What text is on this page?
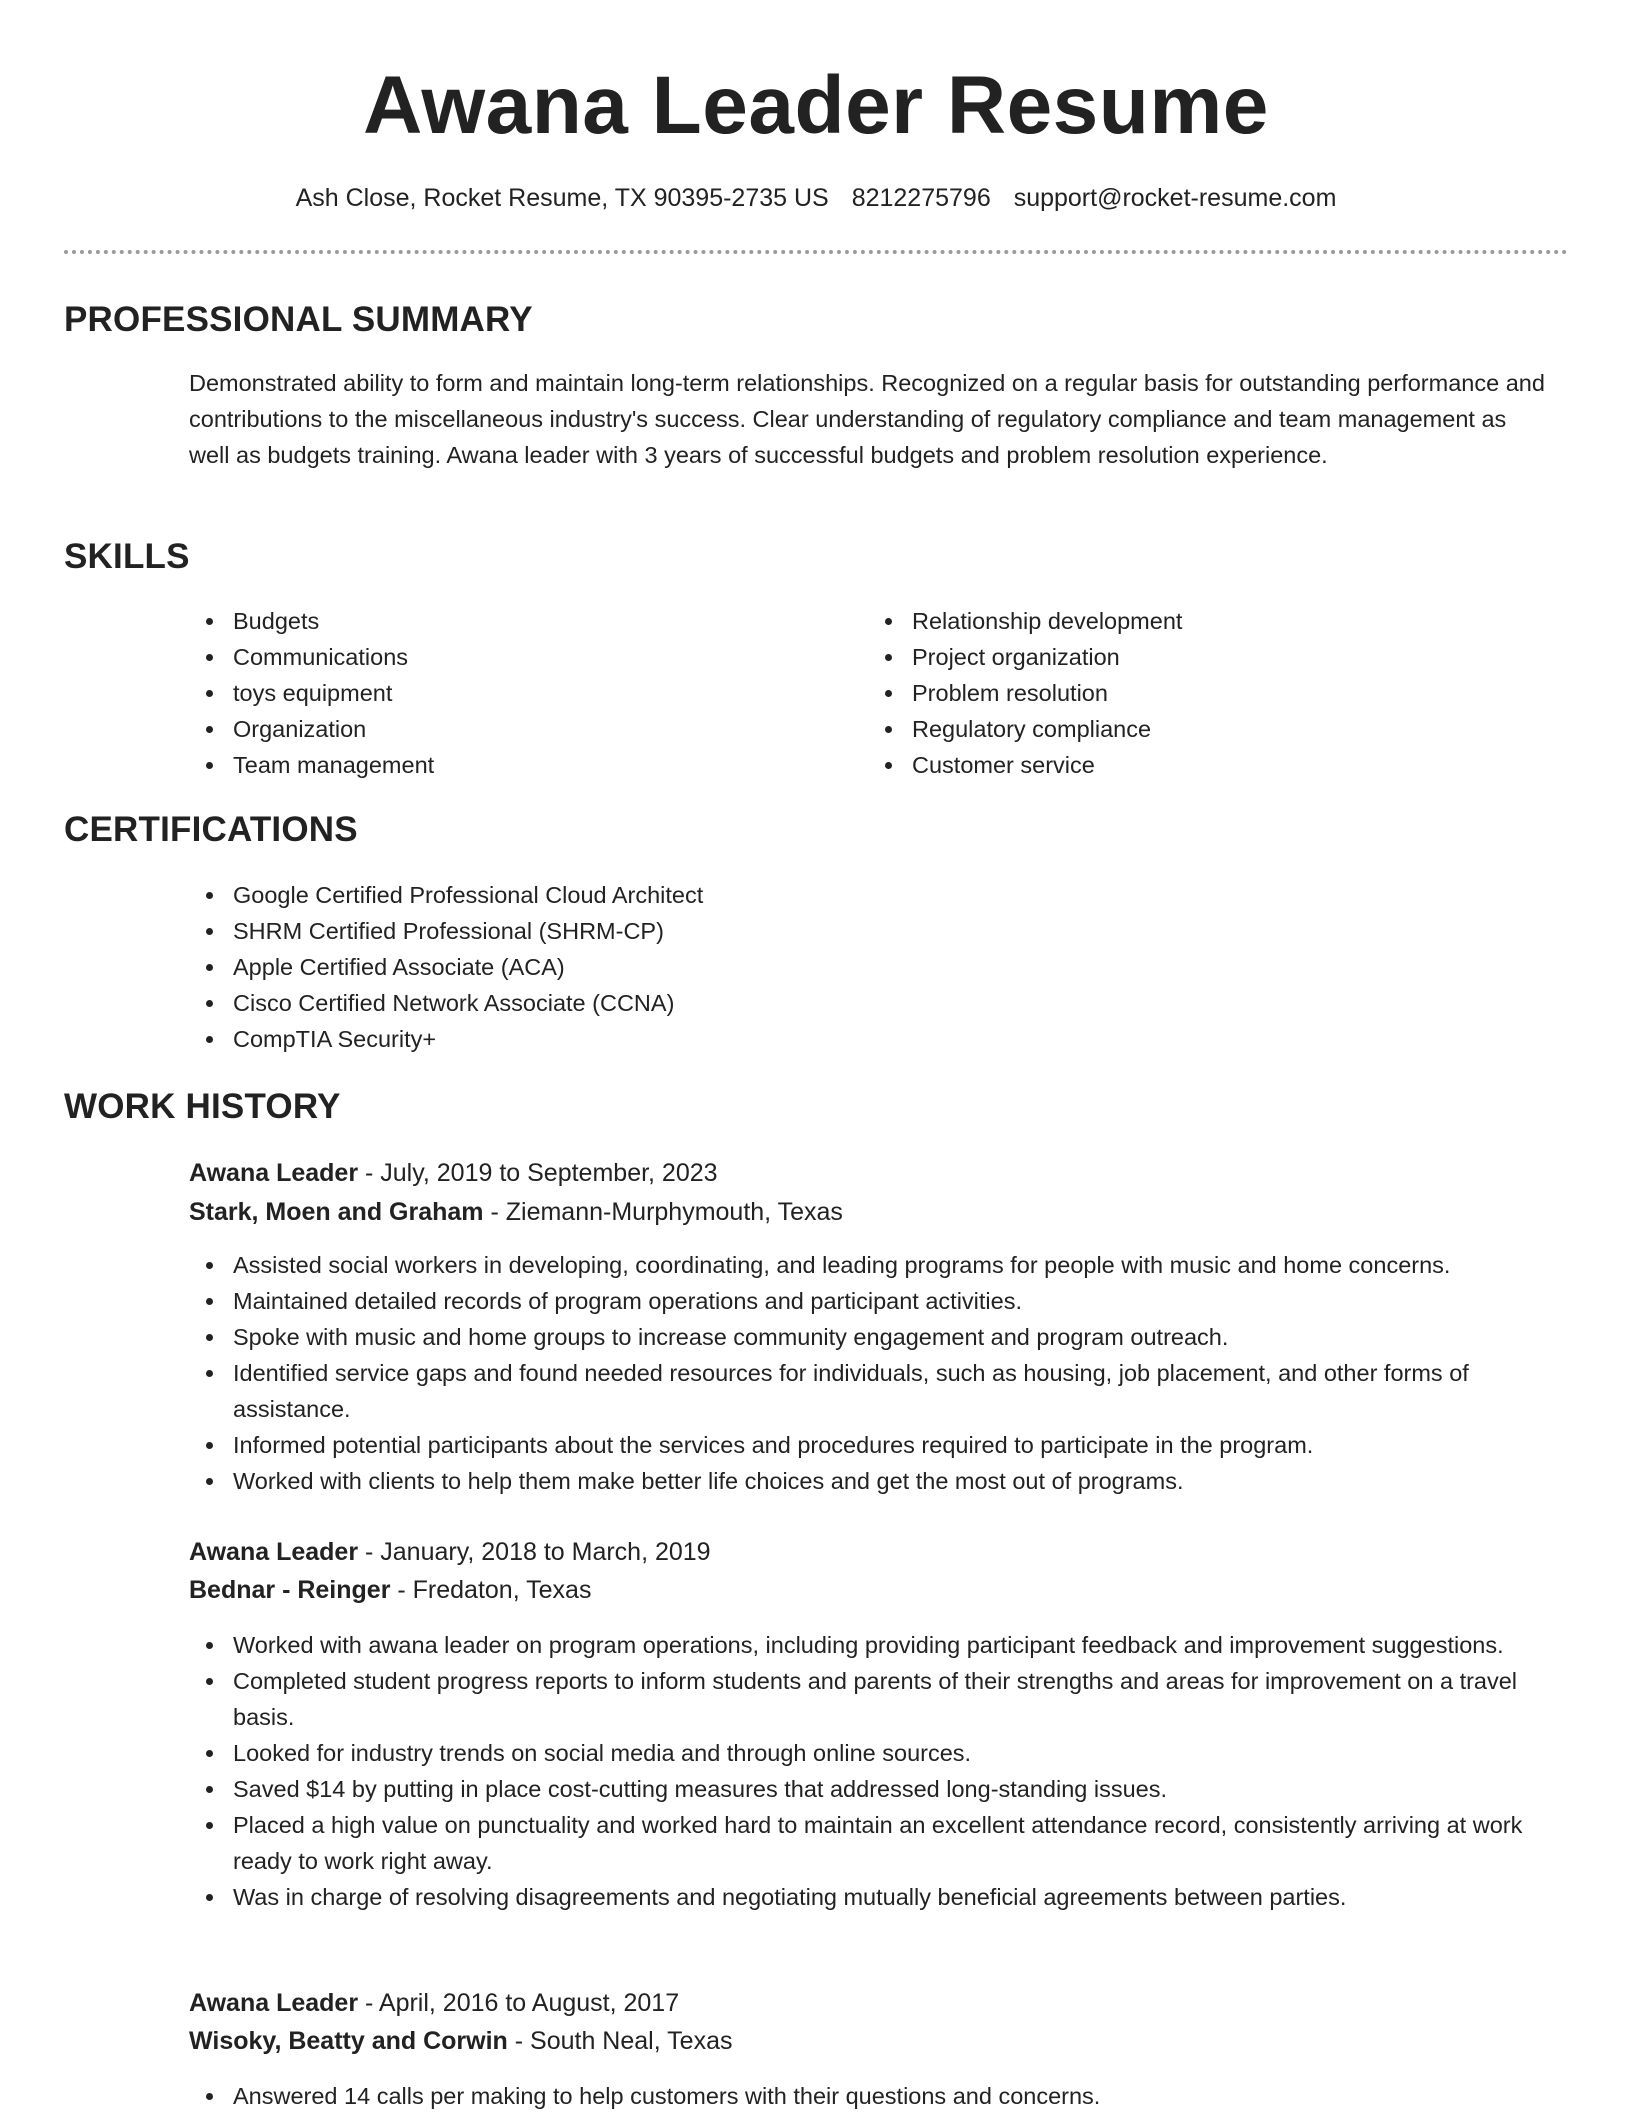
Awana Leader Resume
Ash Close, Rocket Resume, TX 90395-2735 US 8212275796 support@rocket-resume.com
PROFESSIONAL SUMMARY
Demonstrated ability to form and maintain long-term relationships. Recognized on a regular basis for outstanding performance and contributions to the miscellaneous industry's success. Clear understanding of regulatory compliance and team management as well as budgets training. Awana leader with 3 years of successful budgets and problem resolution experience.
SKILLS
Budgets
Communications
toys equipment
Organization
Team management
Relationship development
Project organization
Problem resolution
Regulatory compliance
Customer service
CERTIFICATIONS
Google Certified Professional Cloud Architect
SHRM Certified Professional (SHRM-CP)
Apple Certified Associate (ACA)
Cisco Certified Network Associate (CCNA)
CompTIA Security+
WORK HISTORY
Awana Leader - July, 2019 to September, 2023
Stark, Moen and Graham - Ziemann-Murphymouth, Texas
Assisted social workers in developing, coordinating, and leading programs for people with music and home concerns.
Maintained detailed records of program operations and participant activities.
Spoke with music and home groups to increase community engagement and program outreach.
Identified service gaps and found needed resources for individuals, such as housing, job placement, and other forms of assistance.
Informed potential participants about the services and procedures required to participate in the program.
Worked with clients to help them make better life choices and get the most out of programs.
Awana Leader - January, 2018 to March, 2019
Bednar - Reinger - Fredaton, Texas
Worked with awana leader on program operations, including providing participant feedback and improvement suggestions.
Completed student progress reports to inform students and parents of their strengths and areas for improvement on a travel basis.
Looked for industry trends on social media and through online sources.
Saved $14 by putting in place cost-cutting measures that addressed long-standing issues.
Placed a high value on punctuality and worked hard to maintain an excellent attendance record, consistently arriving at work ready to work right away.
Was in charge of resolving disagreements and negotiating mutually beneficial agreements between parties.
Awana Leader - April, 2016 to August, 2017
Wisoky, Beatty and Corwin - South Neal, Texas
Answered 14 calls per making to help customers with their questions and concerns.
